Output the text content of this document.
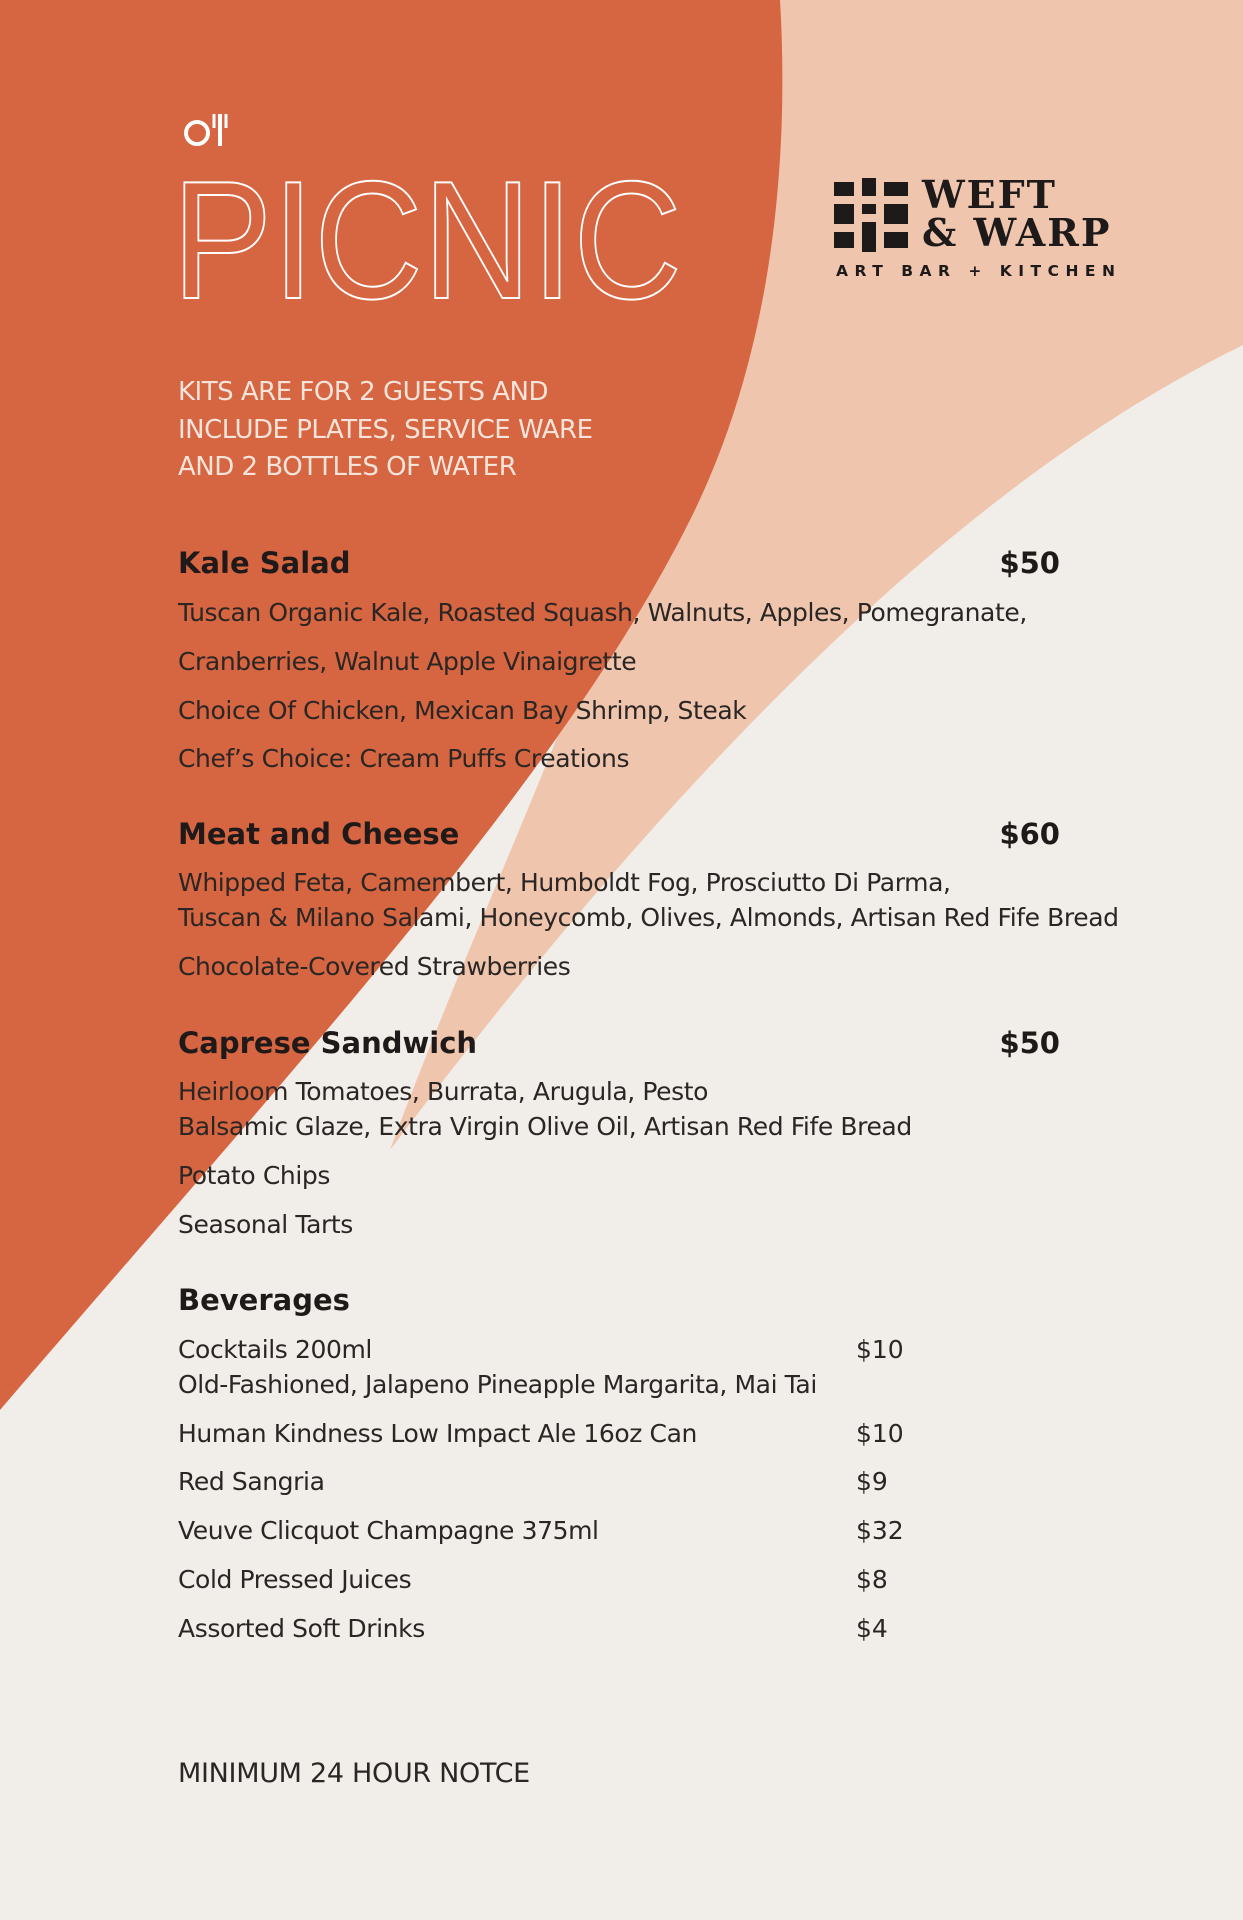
PICNIC	WEFT
& WARP
ART BAR + KITCHEN
KITS ARE FOR 2 GUESTS AND
INCLUDE PLATES, SERVICE WARE
AND 2 BOTTLES OF WATER
Kale Salad	$50
Tuscan Organic Kale, Roasted Squash, Walnuts, Apples, Pomegranate,
Cranberries, Walnut Apple Vinaigrette
Choice Of Chicken, Mexican Bay Shrimp, Steak
Chef’s Choice: Cream Puffs Creations
Meat and Cheese	$60
Whipped Feta, Camembert, Humboldt Fog, Prosciutto Di Parma,
Tuscan & Milano Salami, Honeycomb, Olives, Almonds, Artisan Red Fife Bread
Chocolate-Covered Strawberries
Caprese Sandwich	$50
Heirloom Tomatoes, Burrata, Arugula, Pesto
Balsamic Glaze, Extra Virgin Olive Oil, Artisan Red Fife Bread
Potato Chips
Seasonal Tarts
Beverages
Cocktails 200ml	$10
Old-Fashioned, Jalapeno Pineapple Margarita, Mai Tai
Human Kindness Low Impact Ale 16oz Can	$10
Red Sangria	$9
Veuve Clicquot Champagne 375ml	$32
Cold Pressed Juices	$8
Assorted Soft Drinks	$4
MINIMUM 24 HOUR NOTCE
